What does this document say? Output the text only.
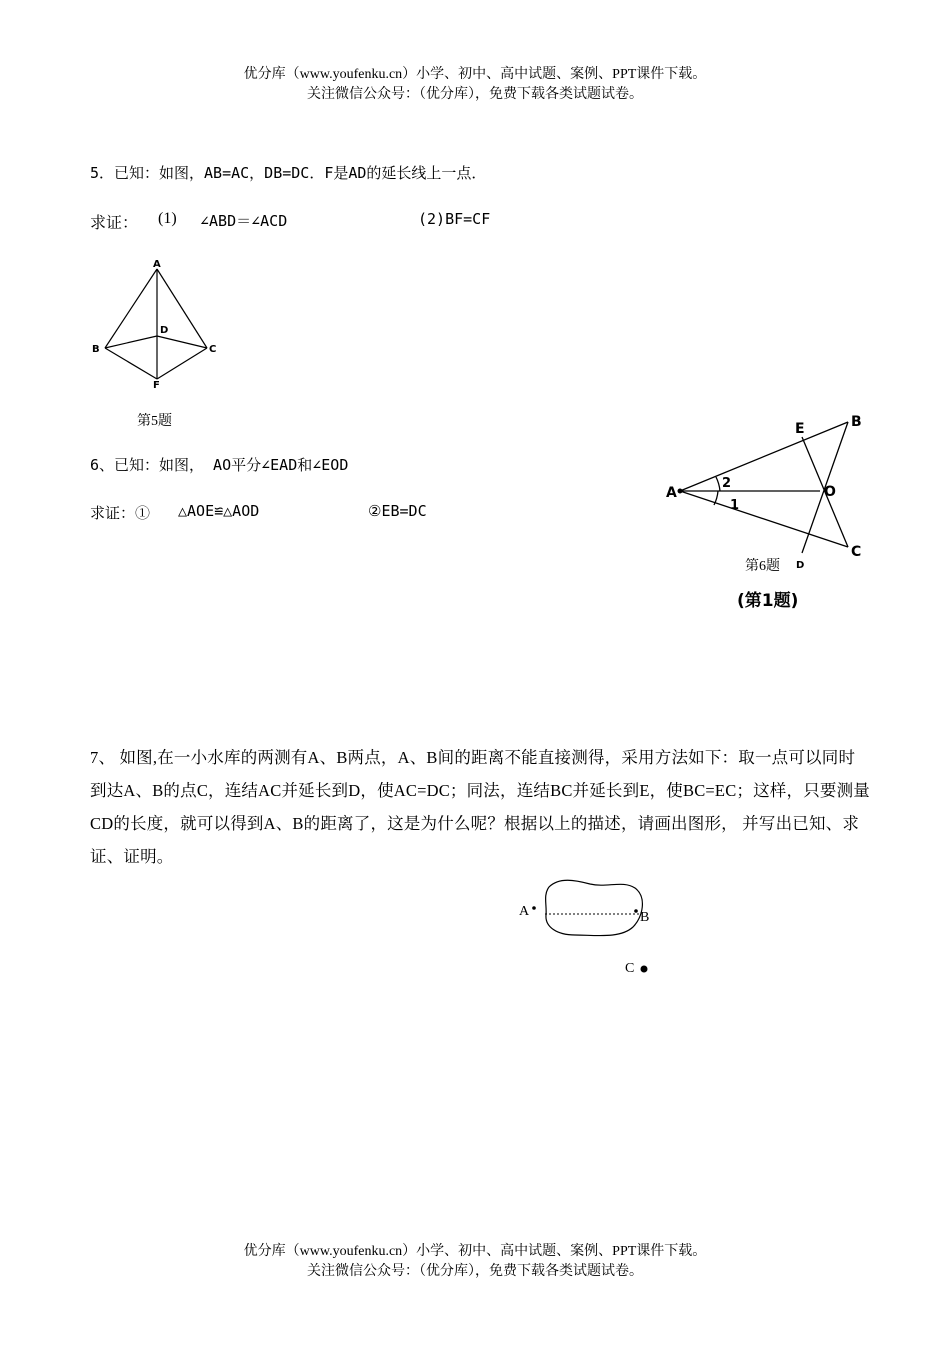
优分库（www.youfenku.cn）小学、初中、高中试题、案例、PPT课件下载。
关注微信公众号：（优分库），免费下载各类试题试卷。
5．已知：如图，AB=AC，DB=DC．F是AD的延长线上一点．
求证： (1) ∠ABD＝∠ACD	(2)BF=CF
A
B	C
D
F
第5题
6、已知：如图， AO平分∠EAD和∠EOD
求证：① △AOE≌△AOD	②EB=DC
A
B
C
E
D
O
2
1
第6题
(第1题)
7、 如图,在一小水库的两测有A、B两点，A、B间的距离不能直接测得，采用方法如下：取一点可以同时到达A、B的点C，连结AC并延长到D，使AC=DC；同法，连结BC并延长到E，使BC=EC；这样，只要测量CD的长度，就可以得到A、B的距离了，这是为什么呢？根据以上的描述，请画出图形， 并写出已知、求证、证明。
A	B
C
优分库（www.youfenku.cn）小学、初中、高中试题、案例、PPT课件下载。
关注微信公众号：（优分库），免费下载各类试题试卷。
